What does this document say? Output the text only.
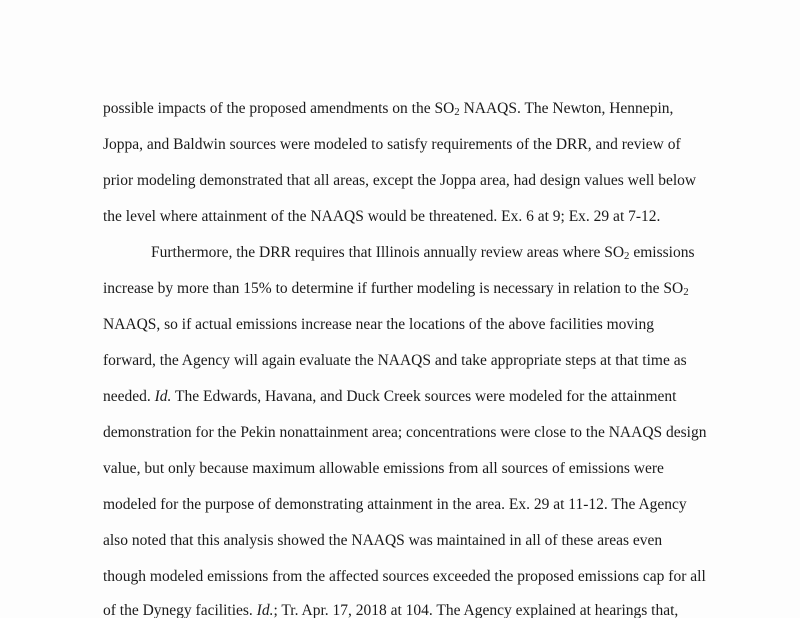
possible impacts of the proposed amendments on the $SO_2$ NAAQS. The Newton, Hennepin,
Joppa, and Baldwin sources were modeled to satisfy requirements of the DRR, and review of
prior modeling demonstrated that all areas, except the Joppa area, had design values well below
the level where attainment of the NAAQS would be threatened. Ex. 6 at 9; Ex. 29 at 7-12.
Furthermore, the DRR requires that Illinois annually review areas where $SO_2$ emissions
increase by more than 15% to determine if further modeling is necessary in relation to the $SO_2$
NAAQS, so if actual emissions increase near the locations of the above facilities moving
forward, the Agency will again evaluate the NAAQS and take appropriate steps at that time as
needed. Id. The Edwards, Havana, and Duck Creek sources were modeled for the attainment
demonstration for the Pekin nonattainment area; concentrations were close to the NAAQS design
value, but only because maximum allowable emissions from all sources of emissions were
modeled for the purpose of demonstrating attainment in the area. Ex. 29 at 11-12. The Agency
also noted that this analysis showed the NAAQS was maintained in all of these areas even
though modeled emissions from the affected sources exceeded the proposed emissions cap for all
of the Dynegy facilities. Id.; Tr. Apr. 17, 2018 at 104. The Agency explained at hearings that,
